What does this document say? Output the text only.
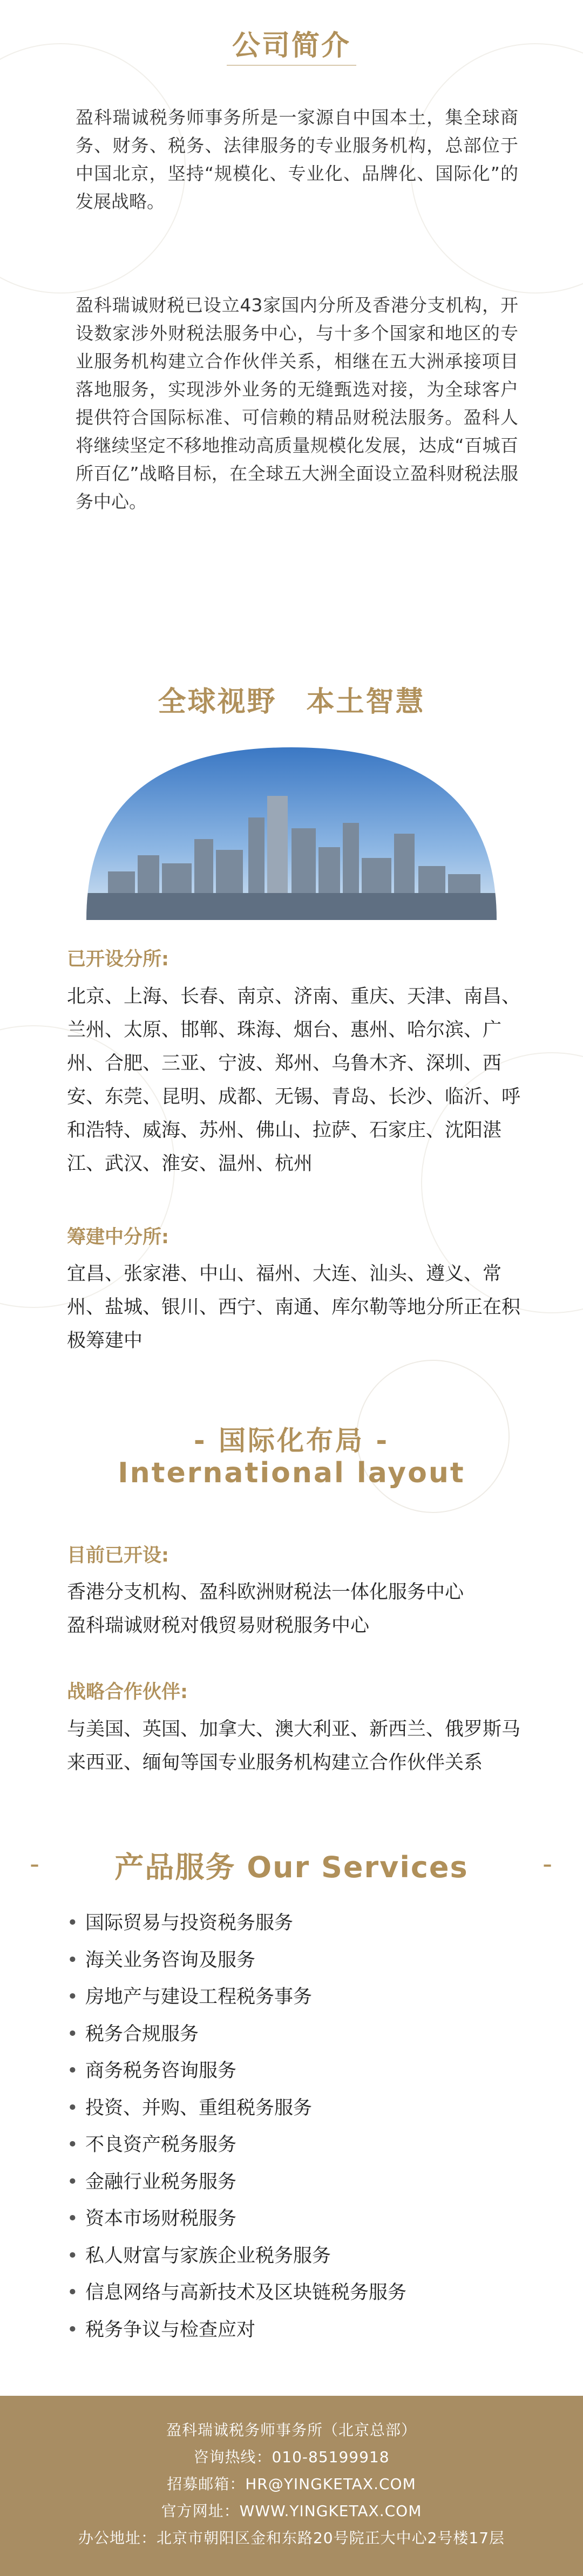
公司简介

盈科瑞诚税务师事务所是一家源自中国本土，集全球商务、财务、税务、法律服务的专业服务机构，总部位于中国北京，坚持“规模化、专业化、品牌化、国际化”的发展战略。

盈科瑞诚财税已设立43家国内分所及香港分支机构，开设数家涉外财税法服务中心，与十多个国家和地区的专业服务机构建立合作伙伴关系，相继在五大洲承接项目落地服务，实现涉外业务的无缝甄选对接，为全球客户提供符合国际标准、可信赖的精品财税法服务。盈科人将继续坚定不移地推动高质量规模化发展，达成“百城百所百亿”战略目标，在全球五大洲全面设立盈科财税法服务中心。

全球视野　本土智慧
已开设分所:

北京、上海、长春、南京、济南、重庆、天津、南昌、兰州、太原、邯郸、珠海、烟台、惠州、哈尔滨、广州、合肥、三亚、宁波、郑州、乌鲁木齐、深圳、西安、东莞、昆明、成都、无锡、青岛、长沙、临沂、呼和浩特、威海、苏州、佛山、拉萨、石家庄、沈阳湛江、武汉、淮安、温州、杭州

筹建中分所:

宜昌、张家港、中山、福州、大连、汕头、遵义、常州、盐城、银川、西宁、南通、库尔勒等地分所正在积极筹建中

- 国际化布局 -
International layout
目前已开设:

香港分支机构、盈科欧洲财税法一体化服务中心

盈科瑞诚财税对俄贸易财税服务中心

战略合作伙伴:

与美国、英国、加拿大、澳大利亚、新西兰、俄罗斯马来西亚、缅甸等国专业服务机构建立合作伙伴关系

-	产品服务 Our Services	-
• 国际贸易与投资税务服务
• 海关业务咨询及服务
• 房地产与建设工程税务事务
• 税务合规服务
• 商务税务咨询服务
• 投资、并购、重组税务服务
• 不良资产税务服务
• 金融行业税务服务
• 资本市场财税服务
• 私人财富与家族企业税务服务
• 信息网络与高新技术及区块链税务服务
• 税务争议与检查应对
盈科瑞诚税务师事务所（北京总部）
咨询热线：010-85199918
招募邮箱：HR@YINGKETAX.COM
官方网址：WWW.YINGKETAX.COM
办公地址：北京市朝阳区金和东路20号院正大中心2号楼17层
